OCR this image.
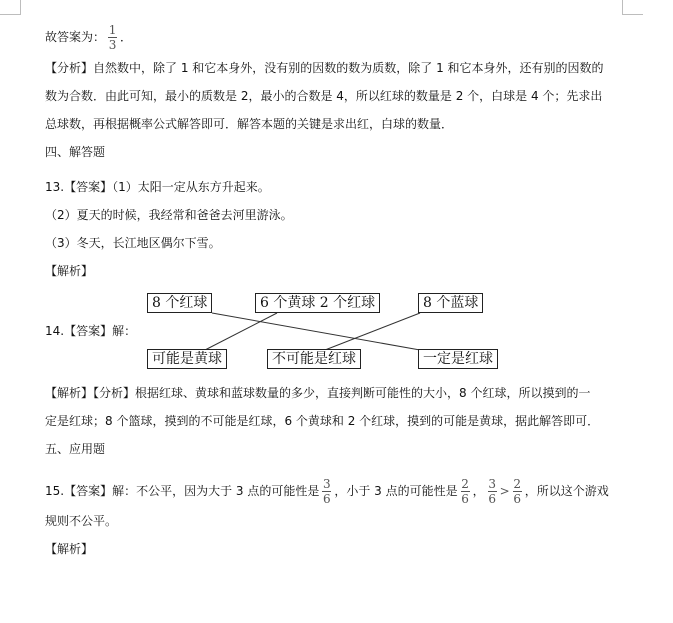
故答案为： $\frac{1}{3}$ ．
【分析】自然数中，除了 1 和它本身外，没有别的因数的数为质数，除了 1 和它本身外，还有别的因数的
数为合数．由此可知，最小的质数是 2，最小的合数是 4，所以红球的数量是 2 个，白球是 4 个；先求出
总球数，再根据概率公式解答即可．解答本题的关键是求出红，白球的数量．
四、解答题
13.【答案】（1）太阳一定从东方升起来。
（2）夏天的时候，我经常和爸爸去河里游泳。
（3）冬天，长江地区偶尔下雪。
【解析】
14.【答案】解：
8 个红球	6 个黄球 2 个红球	8 个蓝球
可能是黄球	不可能是红球	一定是红球
【解析】【分析】根据红球、黄球和蓝球数量的多少，直接判断可能性的大小，8 个红球，所以摸到的一
定是红球；8 个篮球，摸到的不可能是红球，6 个黄球和 2 个红球，摸到的可能是黄球，据此解答即可．
五、应用题
15.【答案】解：不公平，因为大于 3 点的可能性是 $\frac{3}{6}$ ，小于 3 点的可能性是 $\frac{2}{6}$ ， $\frac{3}{6} > \frac{2}{6}$ ，所以这个游戏
规则不公平。
【解析】
